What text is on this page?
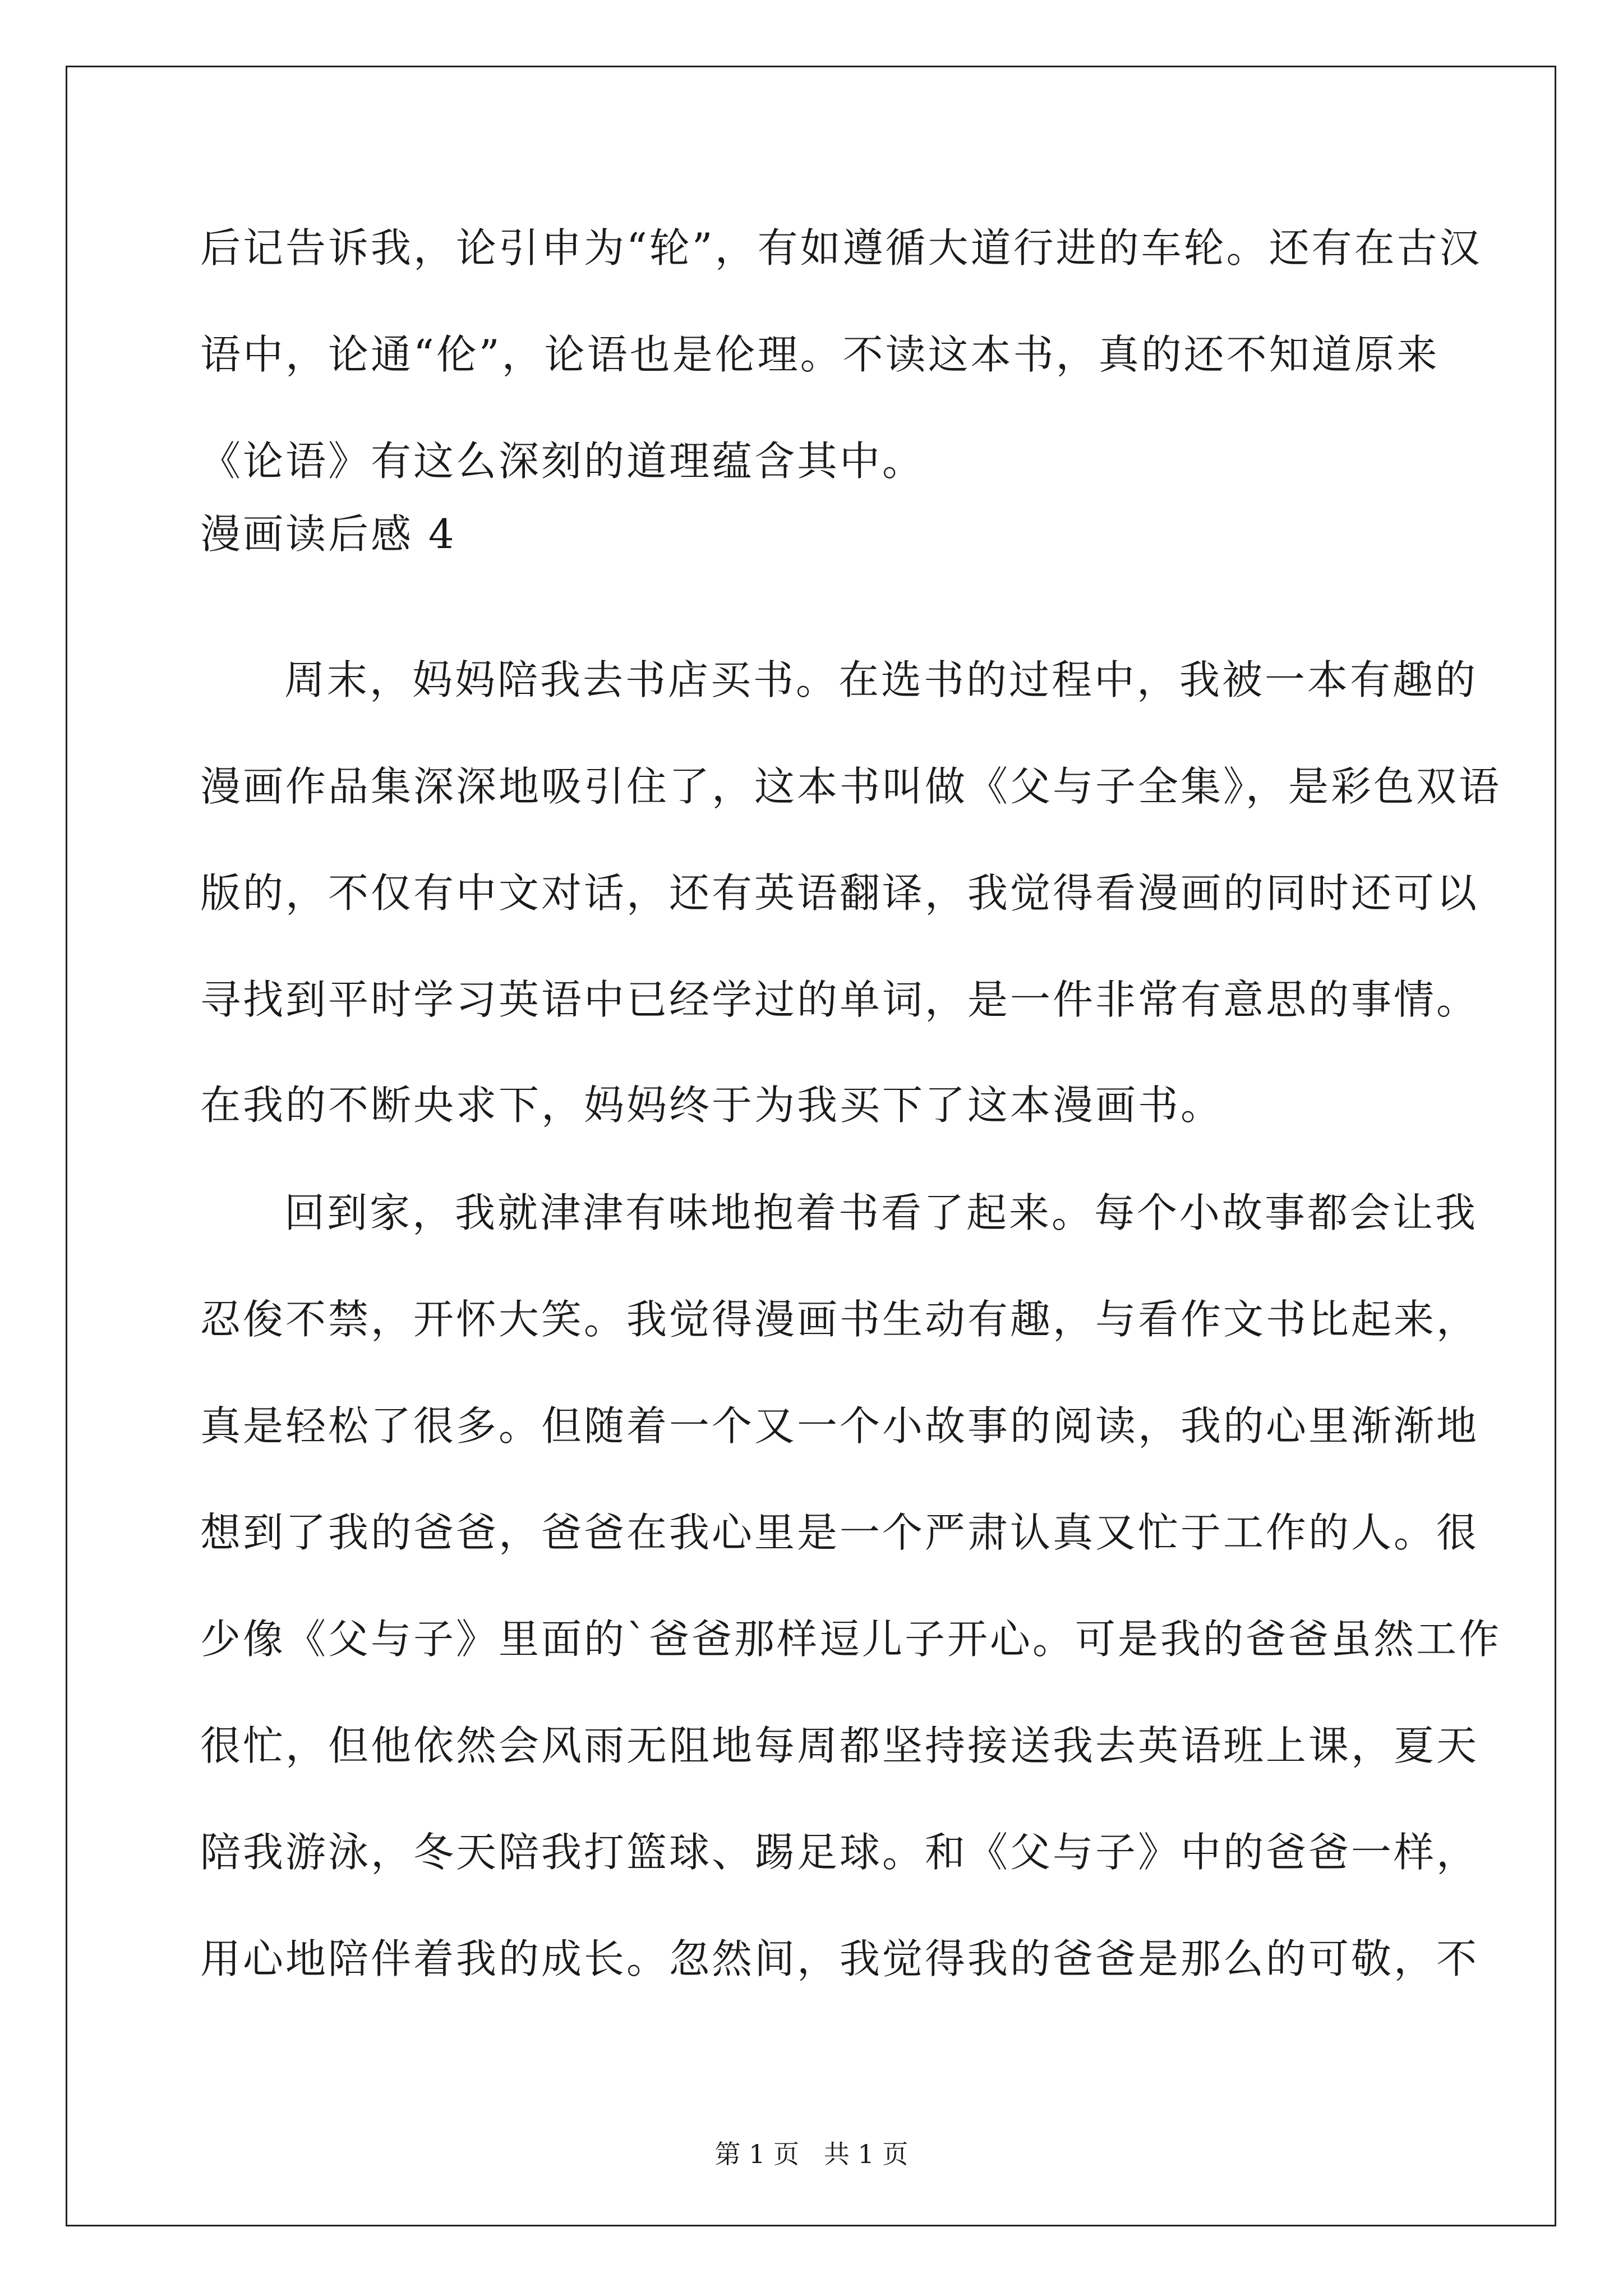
后记告诉我，论引申为“轮”，有如遵循大道行进的车轮。还有在古汉
语中，论通“伦”，论语也是伦理。不读这本书，真的还不知道原来
《论语》有这么深刻的道理蕴含其中。
漫画读后感 4
周末，妈妈陪我去书店买书。在选书的过程中，我被一本有趣的
漫画作品集深深地吸引住了，这本书叫做《父与子全集》，是彩色双语
版的，不仅有中文对话，还有英语翻译，我觉得看漫画的同时还可以
寻找到平时学习英语中已经学过的单词，是一件非常有意思的事情。
在我的不断央求下，妈妈终于为我买下了这本漫画书。
回到家，我就津津有味地抱着书看了起来。每个小故事都会让我
忍俊不禁，开怀大笑。我觉得漫画书生动有趣，与看作文书比起来，
真是轻松了很多。但随着一个又一个小故事的阅读，我的心里渐渐地
想到了我的爸爸，爸爸在我心里是一个严肃认真又忙于工作的人。很
少像《父与子》里面的`爸爸那样逗儿子开心。可是我的爸爸虽然工作
很忙，但他依然会风雨无阻地每周都坚持接送我去英语班上课，夏天
陪我游泳，冬天陪我打篮球、踢足球。和《父与子》中的爸爸一样，
用心地陪伴着我的成长。忽然间，我觉得我的爸爸是那么的可敬，不
第 1 页   共 1 页
